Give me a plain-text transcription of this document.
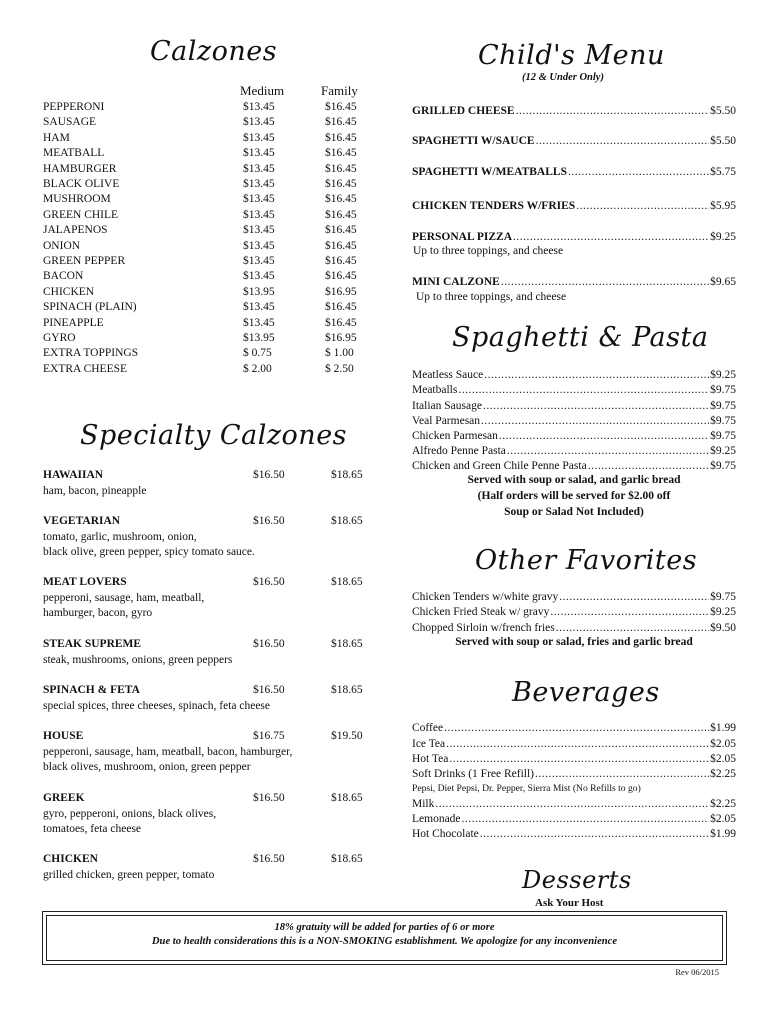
Calzones
Medium	Family
PEPPERONI	$13.45	$16.45
SAUSAGE	$13.45	$16.45
HAM	$13.45	$16.45
MEATBALL	$13.45	$16.45
HAMBURGER	$13.45	$16.45
BLACK OLIVE	$13.45	$16.45
MUSHROOM	$13.45	$16.45
GREEN CHILE	$13.45	$16.45
JALAPENOS	$13.45	$16.45
ONION	$13.45	$16.45
GREEN PEPPER	$13.45	$16.45
BACON	$13.45	$16.45
CHICKEN	$13.95	$16.95
SPINACH (PLAIN)	$13.45	$16.45
PINEAPPLE	$13.45	$16.45
GYRO	$13.95	$16.95
EXTRA TOPPINGS	$ 0.75	$ 1.00
EXTRA CHEESE	$ 2.00	$ 2.50
Specialty Calzones
HAWAIIAN	$16.50	$18.65
ham, bacon, pineapple
VEGETARIAN	$16.50	$18.65
tomato, garlic, mushroom, onion,
black olive, green pepper, spicy tomato sauce.
MEAT LOVERS	$16.50	$18.65
pepperoni, sausage, ham, meatball,
hamburger, bacon, gyro
STEAK SUPREME	$16.50	$18.65
steak, mushrooms, onions, green peppers
SPINACH & FETA	$16.50	$18.65
special spices, three cheeses, spinach, feta cheese
HOUSE	$16.75	$19.50
pepperoni, sausage, ham, meatball, bacon, hamburger,
black olives, mushroom, onion, green pepper
GREEK	$16.50	$18.65
gyro, pepperoni, onions, black olives,
tomatoes, feta cheese
CHICKEN	$16.50	$18.65
grilled chicken, green pepper, tomato
Child's Menu
(12 & Under Only)
GRILLED CHEESE .....	$5.50
SPAGHETTI W/SAUCE .....	$5.50
SPAGHETTI W/MEATBALLS .....	$5.75
CHICKEN TENDERS W/FRIES .....	$5.95
PERSONAL PIZZA .....	$9.25
MINI CALZONE .....	$9.65
Up to three toppings, and cheese
Up to three toppings, and cheese
Spaghetti & Pasta
Meatless Sauce .....	$9.25
Meatballs .....	$9.75
Italian Sausage .....	$9.75
Veal Parmesan .....	$9.75
Chicken Parmesan .....	$9.75
Alfredo Penne Pasta .....	$9.25
Chicken and Green Chile Penne Pasta .....	$9.75
Served with soup or salad, and garlic bread
(Half orders will be served for $2.00 off
Soup or Salad Not Included)
Other Favorites
Chicken Tenders w/white gravy .....	$9.75
Chicken Fried Steak w/ gravy .....	$9.25
Chopped Sirloin w/french fries .....	$9.50
Served with soup or salad, fries and garlic bread
Beverages
Coffee .....	$1.99
Ice Tea .....	$2.05
Hot Tea .....	$2.05
Soft Drinks (1 Free Refill) .....	$2.25
Milk .....	$2.25
Lemonade .....	$2.05
Hot Chocolate .....	$1.99
Pepsi, Diet Pepsi, Dr. Pepper, Sierra Mist (No Refills to go)
Desserts
Ask Your Host
18% gratuity will be added for parties of 6 or more
Due to health considerations this is a NON-SMOKING establishment. We apologize for any inconvenience
Rev 06/2015
